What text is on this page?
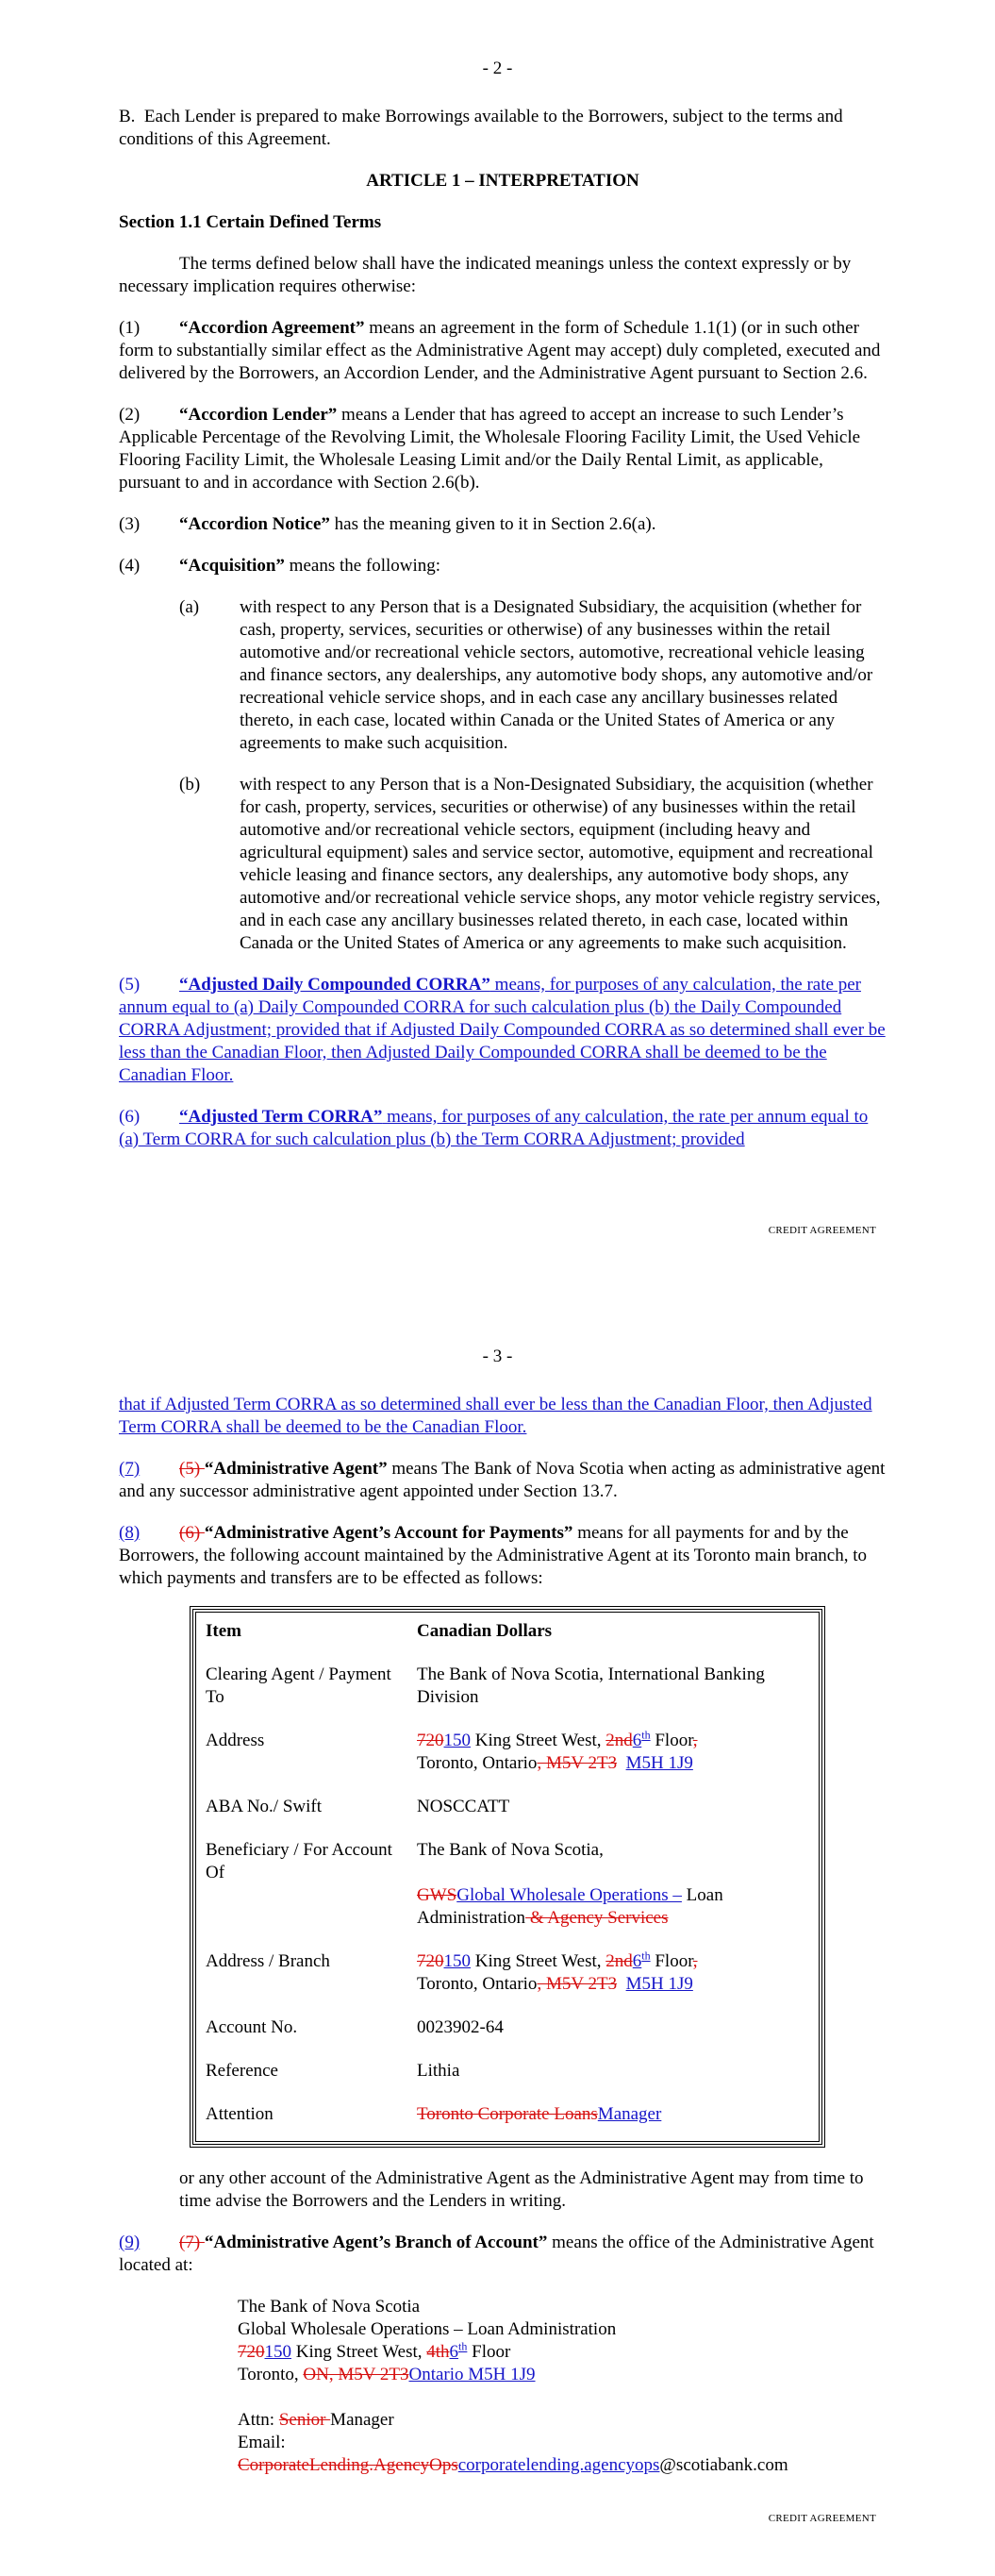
- 2 -

B.  Each Lender is prepared to make Borrowings available to the Borrowers, subject to the terms and conditions of this Agreement.

ARTICLE 1 – INTERPRETATION

Section 1.1 Certain Defined Terms

The terms defined below shall have the indicated meanings unless the context expressly or by necessary implication requires otherwise:

(1) “Accordion Agreement” means an agreement in the form of Schedule 1.1(1) (or in such other form to substantially similar effect as the Administrative Agent may accept) duly completed, executed and delivered by the Borrowers, an Accordion Lender, and the Administrative Agent pursuant to Section 2.6.

(2) “Accordion Lender” means a Lender that has agreed to accept an increase to such Lender’s Applicable Percentage of the Revolving Limit, the Wholesale Flooring Facility Limit, the Used Vehicle Flooring Facility Limit, the Wholesale Leasing Limit and/or the Daily Rental Limit, as applicable, pursuant to and in accordance with Section 2.6(b).

(3) “Accordion Notice” has the meaning given to it in Section 2.6(a).

(4) “Acquisition” means the following:

(a)	with respect to any Person that is a Designated Subsidiary, the acquisition (whether for cash, property, services, securities or otherwise) of any businesses within the retail automotive and/or recreational vehicle sectors, automotive, recreational vehicle leasing and finance sectors, any dealerships, any automotive body shops, any automotive and/or recreational vehicle service shops, and in each case any ancillary businesses related thereto, in each case, located within Canada or the United States of America or any agreements to make such acquisition.
(b)	with respect to any Person that is a Non-Designated Subsidiary, the acquisition (whether for cash, property, services, securities or otherwise) of any businesses within the retail automotive and/or recreational vehicle sectors, equipment (including heavy and agricultural equipment) sales and service sector, automotive, equipment and recreational vehicle leasing and finance sectors, any dealerships, any automotive body shops, any automotive and/or recreational vehicle service shops, any motor vehicle registry services, and in each case any ancillary businesses related thereto, in each case, located within Canada or the United States of America or any agreements to make such acquisition.

(5) “Adjusted Daily Compounded CORRA” means, for purposes of any calculation, the rate per annum equal to (a) Daily Compounded CORRA for such calculation plus (b) the Daily Compounded CORRA Adjustment; provided that if Adjusted Daily Compounded CORRA as so determined shall ever be less than the Canadian Floor, then Adjusted Daily Compounded CORRA shall be deemed to be the Canadian Floor.

(6) “Adjusted Term CORRA” means, for purposes of any calculation, the rate per annum equal to (a) Term CORRA for such calculation plus (b) the Term CORRA Adjustment; provided

CREDIT AGREEMENT
- 3 -

that if Adjusted Term CORRA as so determined shall ever be less than the Canadian Floor, then Adjusted Term CORRA shall be deemed to be the Canadian Floor.

(7) (5) “Administrative Agent” means The Bank of Nova Scotia when acting as administrative agent and any successor administrative agent appointed under Section 13.7.

(8) (6) “Administrative Agent’s Account for Payments” means for all payments for and by the Borrowers, the following account maintained by the Administrative Agent at its Toronto main branch, to which payments and transfers are to be effected as follows:

Item	Canadian Dollars
Clearing Agent / Payment To	The Bank of Nova Scotia, International Banking Division
Address	720150 King Street West, 2nd6th Floor,
Toronto, Ontario, M5V 2T3 M5H 1J9
ABA No./ Swift	NOSCCATT
Beneficiary / For Account Of	The Bank of Nova Scotia,

GWSGlobal Wholesale Operations – Loan Administration & Agency Services
Address / Branch	720150 King Street West, 2nd6th Floor,
Toronto, Ontario, M5V 2T3 M5H 1J9
Account No.	0023902-64
Reference	Lithia
Attention	Toronto Corporate LoansManager

or any other account of the Administrative Agent as the Administrative Agent may from time to time advise the Borrowers and the Lenders in writing.

(9) (7) “Administrative Agent’s Branch of Account” means the office of the Administrative Agent located at:

The Bank of Nova Scotia
Global Wholesale Operations – Loan Administration
720150 King Street West, 4th6th Floor
Toronto, ON, M5V 2T3Ontario M5H 1J9
Attn: Senior Manager
Email:
CorporateLending.AgencyOpscorporatelending.agencyops@scotiabank.com
CREDIT AGREEMENT
